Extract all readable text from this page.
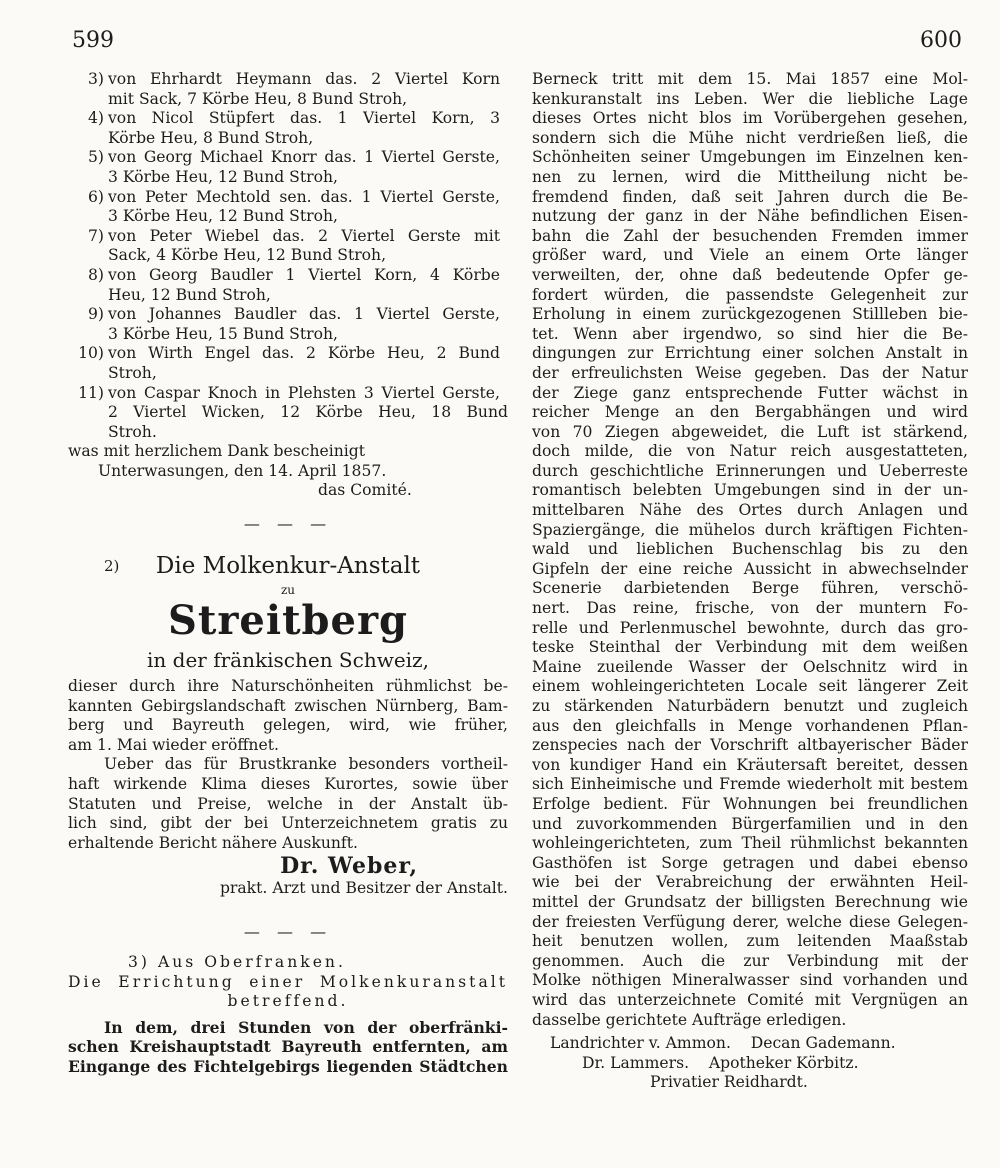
599	600
3) von Ehrhardt Heymann das. 2 Viertel Korn
mit Sack, 7 Körbe Heu, 8 Bund Stroh,
4) von Nicol Stüpfert das. 1 Viertel Korn, 3
Körbe Heu, 8 Bund Stroh,
5) von Georg Michael Knorr das. 1 Viertel Gerste,
3 Körbe Heu, 12 Bund Stroh,
6) von Peter Mechtold sen. das. 1 Viertel Gerste,
3 Körbe Heu, 12 Bund Stroh,
7) von Peter Wiebel das. 2 Viertel Gerste mit
Sack, 4 Körbe Heu, 12 Bund Stroh,
8) von Georg Baudler 1 Viertel Korn, 4 Körbe
Heu, 12 Bund Stroh,
9) von Johannes Baudler das. 1 Viertel Gerste,
3 Körbe Heu, 15 Bund Stroh,
10) von Wirth Engel das. 2 Körbe Heu, 2 Bund
Stroh,
11) von Caspar Knoch in Plehsten 3 Viertel Gerste,
2 Viertel Wicken, 12 Körbe Heu, 18 Bund
Stroh.
was mit herzlichem Dank bescheinigt
Unterwasungen, den 14. April 1857.
das Comité.
— — —
2)	Die Molkenkur-Anstalt
zu
Streitberg
in der fränkischen Schweiz,
dieser durch ihre Naturschönheiten rühmlichst be-
kannten Gebirgslandschaft zwischen Nürnberg, Bam-
berg und Bayreuth gelegen, wird, wie früher,
am 1. Mai wieder eröffnet.
Ueber das für Brustkranke besonders vortheil-
haft wirkende Klima dieses Kurortes, sowie über
Statuten und Preise, welche in der Anstalt üb-
lich sind, gibt der bei Unterzeichnetem gratis zu
erhaltende Bericht nähere Auskunft.
Dr. Weber,
prakt. Arzt und Besitzer der Anstalt.
— — —
3) Aus Oberfranken.
Die Errichtung einer Molkenkuranstalt
betreffend.
In dem, drei Stunden von der oberfränki-
schen Kreishauptstadt Bayreuth entfernten, am
Eingange des Fichtelgebirgs liegenden Städtchen
Berneck tritt mit dem 15. Mai 1857 eine Mol-
kenkuranstalt ins Leben. Wer die liebliche Lage
dieses Ortes nicht blos im Vorübergehen gesehen,
sondern sich die Mühe nicht verdrießen ließ, die
Schönheiten seiner Umgebungen im Einzelnen ken-
nen zu lernen, wird die Mittheilung nicht be-
fremdend finden, daß seit Jahren durch die Be-
nutzung der ganz in der Nähe befindlichen Eisen-
bahn die Zahl der besuchenden Fremden immer
größer ward, und Viele an einem Orte länger
verweilten, der, ohne daß bedeutende Opfer ge-
fordert würden, die passendste Gelegenheit zur
Erholung in einem zurückgezogenen Stillleben bie-
tet. Wenn aber irgendwo, so sind hier die Be-
dingungen zur Errichtung einer solchen Anstalt in
der erfreulichsten Weise gegeben. Das der Natur
der Ziege ganz entsprechende Futter wächst in
reicher Menge an den Bergabhängen und wird
von 70 Ziegen abgeweidet, die Luft ist stärkend,
doch milde, die von Natur reich ausgestatteten,
durch geschichtliche Erinnerungen und Ueberreste
romantisch belebten Umgebungen sind in der un-
mittelbaren Nähe des Ortes durch Anlagen und
Spaziergänge, die mühelos durch kräftigen Fichten-
wald und lieblichen Buchenschlag bis zu den
Gipfeln der eine reiche Aussicht in abwechselnder
Scenerie darbietenden Berge führen, verschö-
nert. Das reine, frische, von der muntern Fo-
relle und Perlenmuschel bewohnte, durch das gro-
teske Steinthal der Verbindung mit dem weißen
Maine zueilende Wasser der Oelschnitz wird in
einem wohleingerichteten Locale seit längerer Zeit
zu stärkenden Naturbädern benutzt und zugleich
aus den gleichfalls in Menge vorhandenen Pflan-
zenspecies nach der Vorschrift altbayerischer Bäder
von kundiger Hand ein Kräutersaft bereitet, dessen
sich Einheimische und Fremde wiederholt mit bestem
Erfolge bedient. Für Wohnungen bei freundlichen
und zuvorkommenden Bürgerfamilien und in den
wohleingerichteten, zum Theil rühmlichst bekannten
Gasthöfen ist Sorge getragen und dabei ebenso
wie bei der Verabreichung der erwähnten Heil-
mittel der Grundsatz der billigsten Berechnung wie
der freiesten Verfügung derer, welche diese Gelegen-
heit benutzen wollen, zum leitenden Maaßstab
genommen. Auch die zur Verbindung mit der
Molke nöthigen Mineralwasser sind vorhanden und
wird das unterzeichnete Comité mit Vergnügen an
dasselbe gerichtete Aufträge erledigen.
Landrichter v. Ammon.    Decan Gademann.
Dr. Lammers.    Apotheker Körbitz.
Privatier Reidhardt.
